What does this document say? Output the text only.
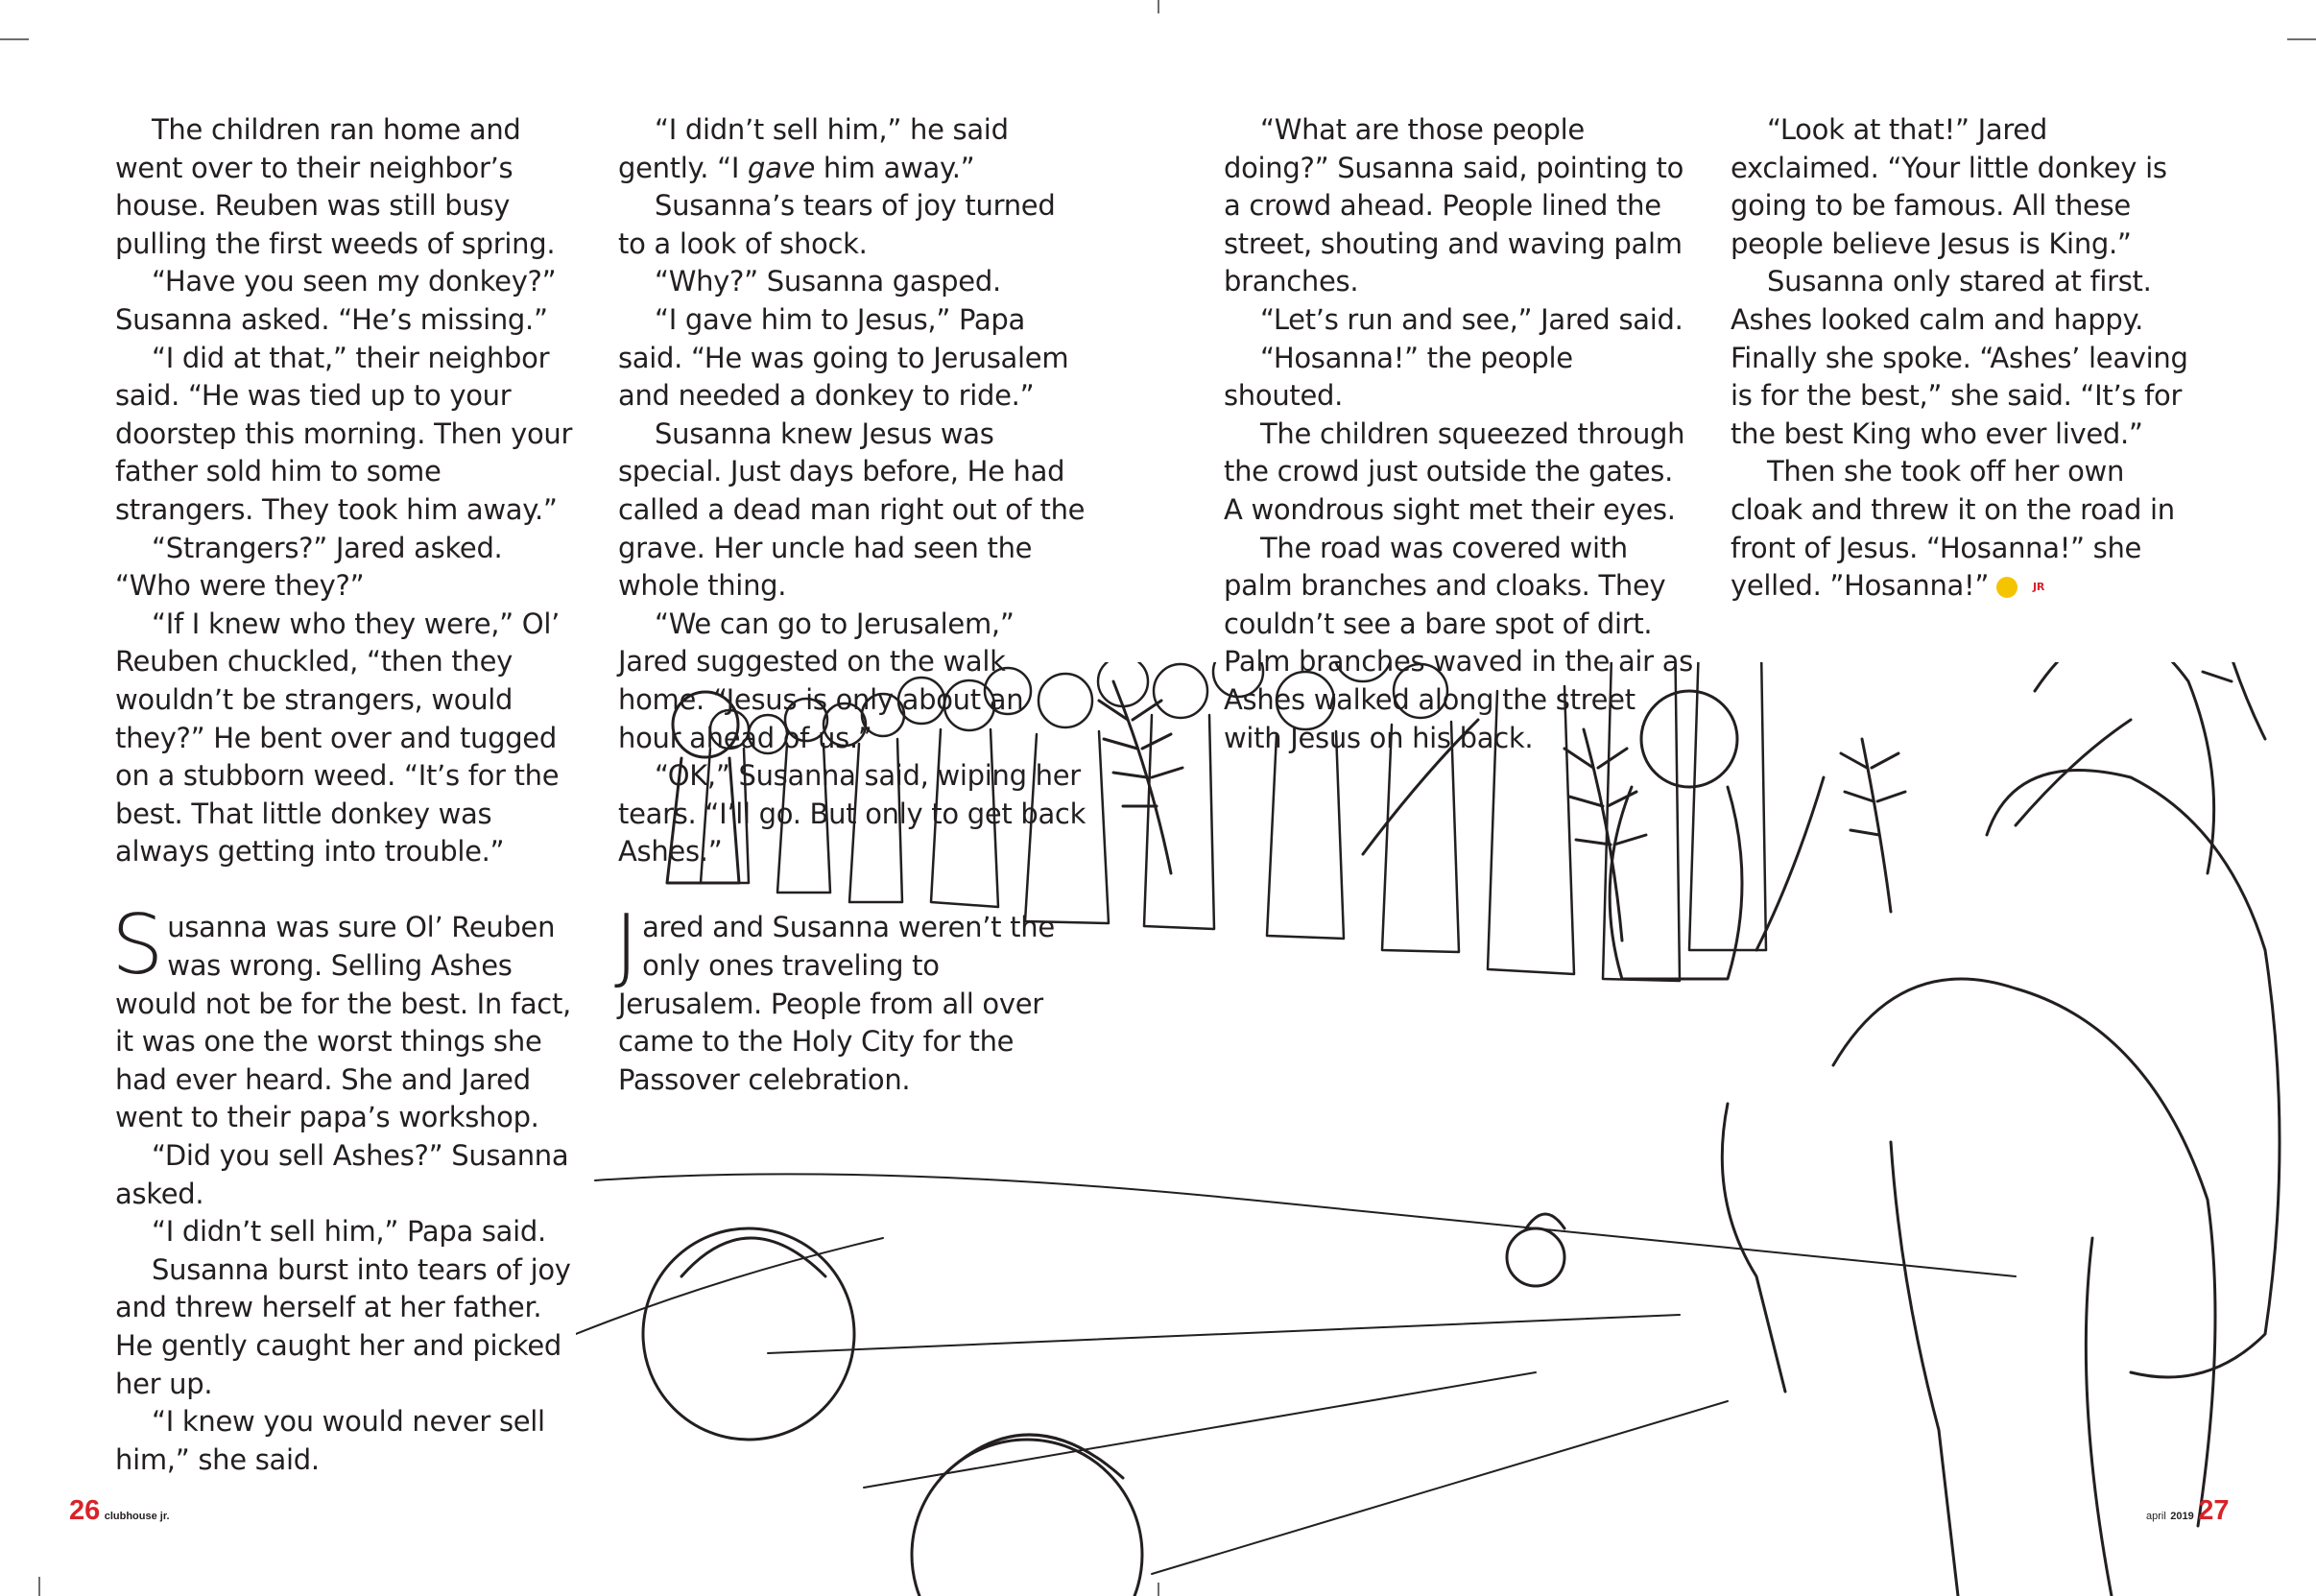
The children ran home and went over to their neighbor’s house. Reuben was still busy pulling the first weeds of spring.

“Have you seen my donkey?” Susanna asked. “He’s missing.”

“I did at that,” their neighbor said. “He was tied up to your doorstep this morning. Then your father sold him to some strangers. They took him away.”

“Strangers?” Jared asked. “Who were they?”

“If I knew who they were,” Ol’ Reuben chuckled, “then they wouldn’t be strangers, would they?” He bent over and tugged on a stubborn weed. “It’s for the best. That little donkey was always getting into trouble.”

Susanna was sure Ol’ Reuben was wrong. Selling Ashes would not be for the best. In fact, it was one the worst things she had ever heard. She and Jared went to their papa’s workshop.

“Did you sell Ashes?” Susanna asked.

“I didn’t sell him,” Papa said.

Susanna burst into tears of joy and threw herself at her father. He gently caught her and picked her up.

“I knew you would never sell him,” she said.

“I didn’t sell him,” he said gently. “I gave him away.”

Susanna’s tears of joy turned to a look of shock.

“Why?” Susanna gasped.

“I gave him to Jesus,” Papa said. “He was going to Jerusalem and needed a donkey to ride.”

Susanna knew Jesus was special. Just days before, He had called a dead man right out of the grave. Her uncle had seen the whole thing.

“We can go to Jerusalem,” Jared suggested on the walk home. “Jesus is only about an hour ahead of us.”

“OK,” Susanna said, wiping her tears. “I’ll go. But only to get back Ashes.”

Jared and Susanna weren’t the only ones traveling to Jerusalem. People from all over came to the Holy City for the Passover celebration.

“What are those people doing?” Susanna said, pointing to a crowd ahead. People lined the street, shouting and waving palm branches.

“Let’s run and see,” Jared said.

“Hosanna!” the people shouted.

The children squeezed through the crowd just outside the gates. A wondrous sight met their eyes.

The road was covered with palm branches and cloaks. They couldn’t see a bare spot of dirt. Palm branches waved in the air as Ashes walked along the street with Jesus on his back.

“Look at that!” Jared exclaimed. “Your little donkey is going to be famous. All these people believe Jesus is King.”

Susanna only stared at first. Ashes looked calm and happy. Finally she spoke. “Ashes’ leaving is for the best,” she said. “It’s for the best King who ever lived.”

Then she took off her own cloak and threw it on the road in front of Jesus. “Hosanna!” she yelled. ”Hosanna!”	JR

26 clubhouse jr.	april 2019 27
